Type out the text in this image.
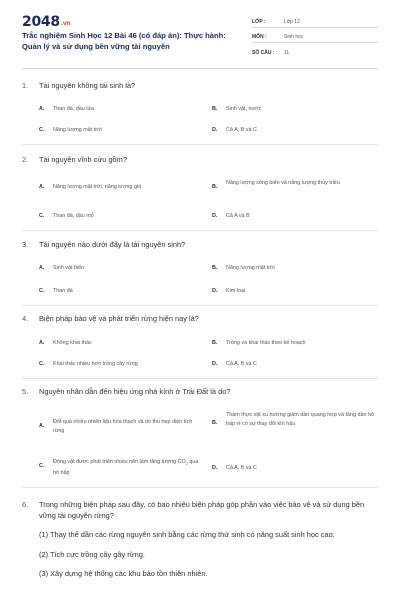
2048.vn
Trắc nghiệm Sinh Học 12 Bài 46 (có đáp án): Thực hành: Quản lý và sử dụng bền vững tài nguyên
LỚP :	Lớp 12
MÔN :	Sinh học
SỐ CÂU :	11
1.	Tài nguyên không tái sinh là?
A.	Than đá, dầu lửa	B.	Sinh vật, nước
C.	Năng lượng mặt trời	D.	Cả A, B và C
2.	Tài nguyên vĩnh cửu gồm?
A.	Năng lượng mặt trời, năng lượng gió	B.
Năng lượng sóng biển và năng lượng thủy triều
C.	Than đá, dầu mỏ	D.	Cả A và B
3.	Tài nguyên nào dưới đây là tái nguyên sinh?
A.	Sinh vật biển	B.	Năng lượng mặt trời
C.	Than đá	D.	Kim loại
4.	Biện pháp bảo vệ và phát triển rừng hiện nay là?
A.	Không khai thác	B.	Trồng và khai thác theo kế hoạch
C.	Khai thác nhiều hơn trồng cây rừng	D.	Cả A, B và C
5.	Nguyên nhân dẫn đến hiệu ứng nhà kính ở Trái Đất là do?
A.
Đốt quá nhiều nhiên liệu hóa thạch và do thu hẹp diện tích rừng
B.
Thảm thực vật xu hướng giảm dần quang hợp và tăng dần hô hấp vì có sự thay đổi khí hậu
C.
Động vật được phát triển nhiều nên làm tăng lượng $CO_2$ qua hô hấp
D.	Cả A, B và C
6.	Trong những biện pháp sau đây, có bao nhiêu biện pháp góp phần vào việc bảo vệ và sử dụng bền vững tài nguyên rừng?
(1) Thay thế dần các rừng nguyên sinh bằng các rừng thứ sinh có năng suất sinh học cao.
(2) Tích cực trồng cây gây rừng.
(3) Xây dựng hệ thống các khu bảo tồn thiên nhiên.
